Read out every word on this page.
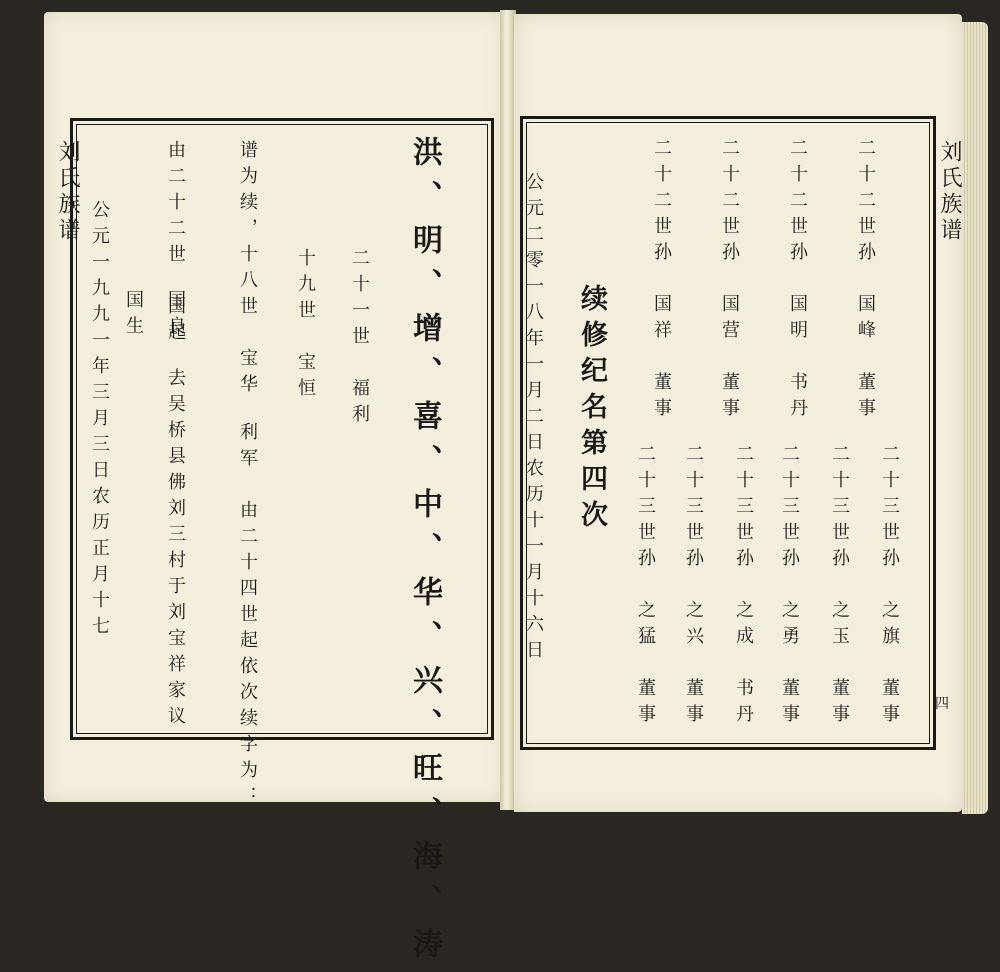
刘氏族谱	洪、明、增、喜、中、华、兴、旺、海、涛
二十一世　福利
十九世　宝恒
谱为续，十八世　宝华
利军　由二十四世起依次续字为：
由二十二世　国起
国良　去吴桥县佛刘三村于刘宝祥家议
国生
公元一九九一年三月三日农历正月十七
刘氏族谱
二十二世孙　国峰　董事
二十二世孙　国明　书丹
二十二世孙　国营　董事
二十二世孙　国祥　董事
二十三世孙　之旗　董事
二十三世孙　之玉　董事
二十三世孙　之勇　董事
二十三世孙　之成　书丹
二十三世孙　之兴　董事
二十三世孙　之猛　董事
续修纪名第四次
公元二零一八年一月二日农历十一月十六日
四
